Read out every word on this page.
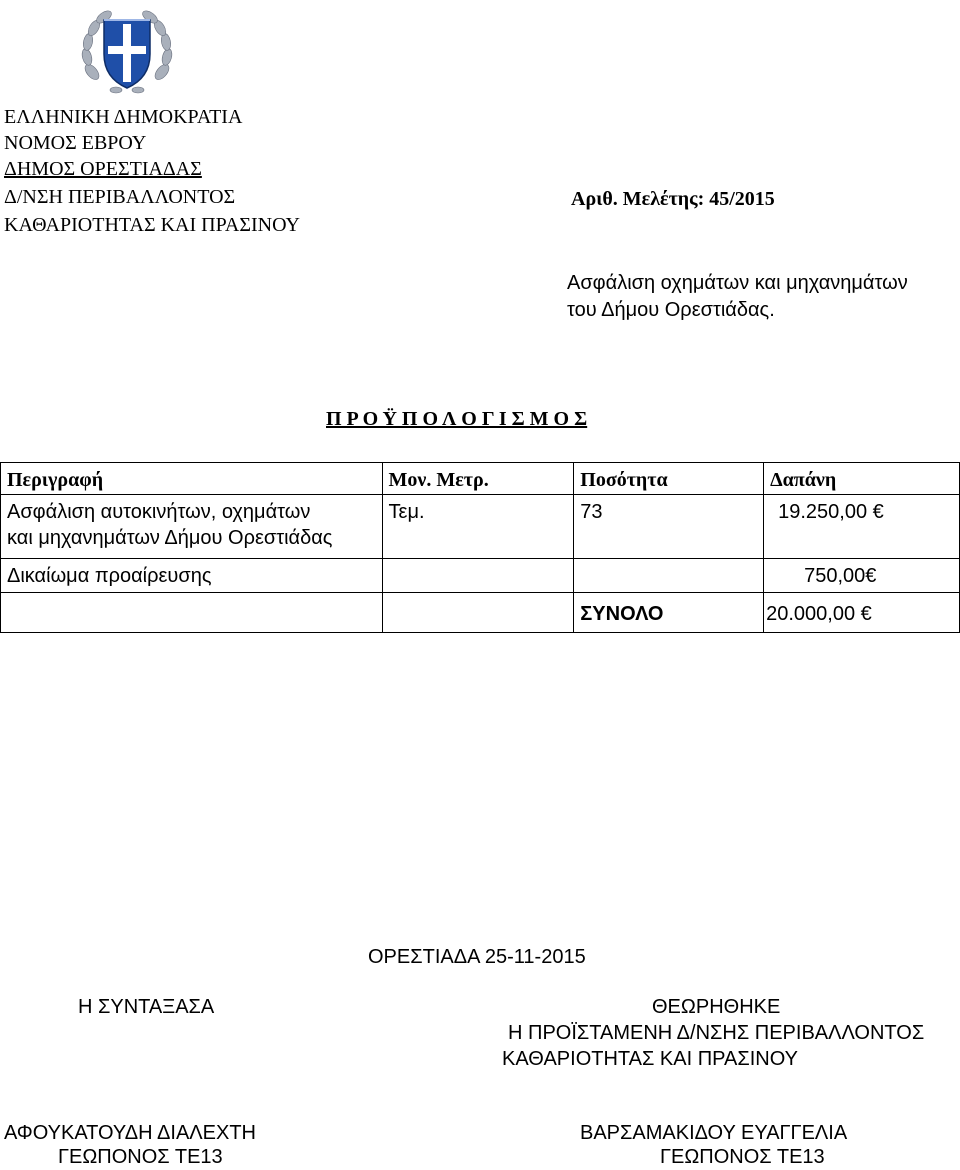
ΕΛΛΗΝΙΚΗ ΔΗΜΟΚΡΑΤΙΑ
ΝΟΜΟΣ ΕΒΡΟΥ
ΔΗΜΟΣ ΟΡΕΣΤΙΑΔΑΣ
Δ/ΝΣΗ ΠΕΡΙΒΑΛΛΟΝΤΟΣ
ΚΑΘΑΡΙΟΤΗΤΑΣ ΚΑΙ ΠΡΑΣΙΝΟΥ
Αριθ. Μελέτης: 45/2015
Ασφάλιση οχημάτων και μηχανημάτων
του Δήμου Ορεστιάδας.
Π Ρ Ο Ϋ Π Ο Λ Ο Γ Ι Σ Μ Ο Σ
Περιγραφή	Μον. Μετρ.	Ποσότητα	Δαπάνη

Ασφάλιση αυτοκινήτων, οχημάτων
και μηχανημάτων Δήμου Ορεστιάδας	Τεμ.	73	19.250,00 €
Δικαίωμα προαίρευσης			750,00€
		ΣΥΝΟΛΟ	20.000,00 €
ΟΡΕΣΤΙΑΔΑ 25-11-2015
Η ΣΥΝΤΑΞΑΣΑ	ΘΕΩΡΗΘΗΚΕ
Η ΠΡΟΪΣΤΑΜΕΝΗ Δ/ΝΣΗΣ ΠΕΡΙΒΑΛΛΟΝΤΟΣ
ΚΑΘΑΡΙΟΤΗΤΑΣ ΚΑΙ ΠΡΑΣΙΝΟΥ
ΑΦΟΥΚΑΤΟΥΔΗ ΔΙΑΛΕΧΤΗ
ΓΕΩΠΟΝΟΣ ΤΕ13
ΒΑΡΣΑΜΑΚΙΔΟΥ ΕΥΑΓΓΕΛΙΑ
ΓΕΩΠΟΝΟΣ ΤΕ13
